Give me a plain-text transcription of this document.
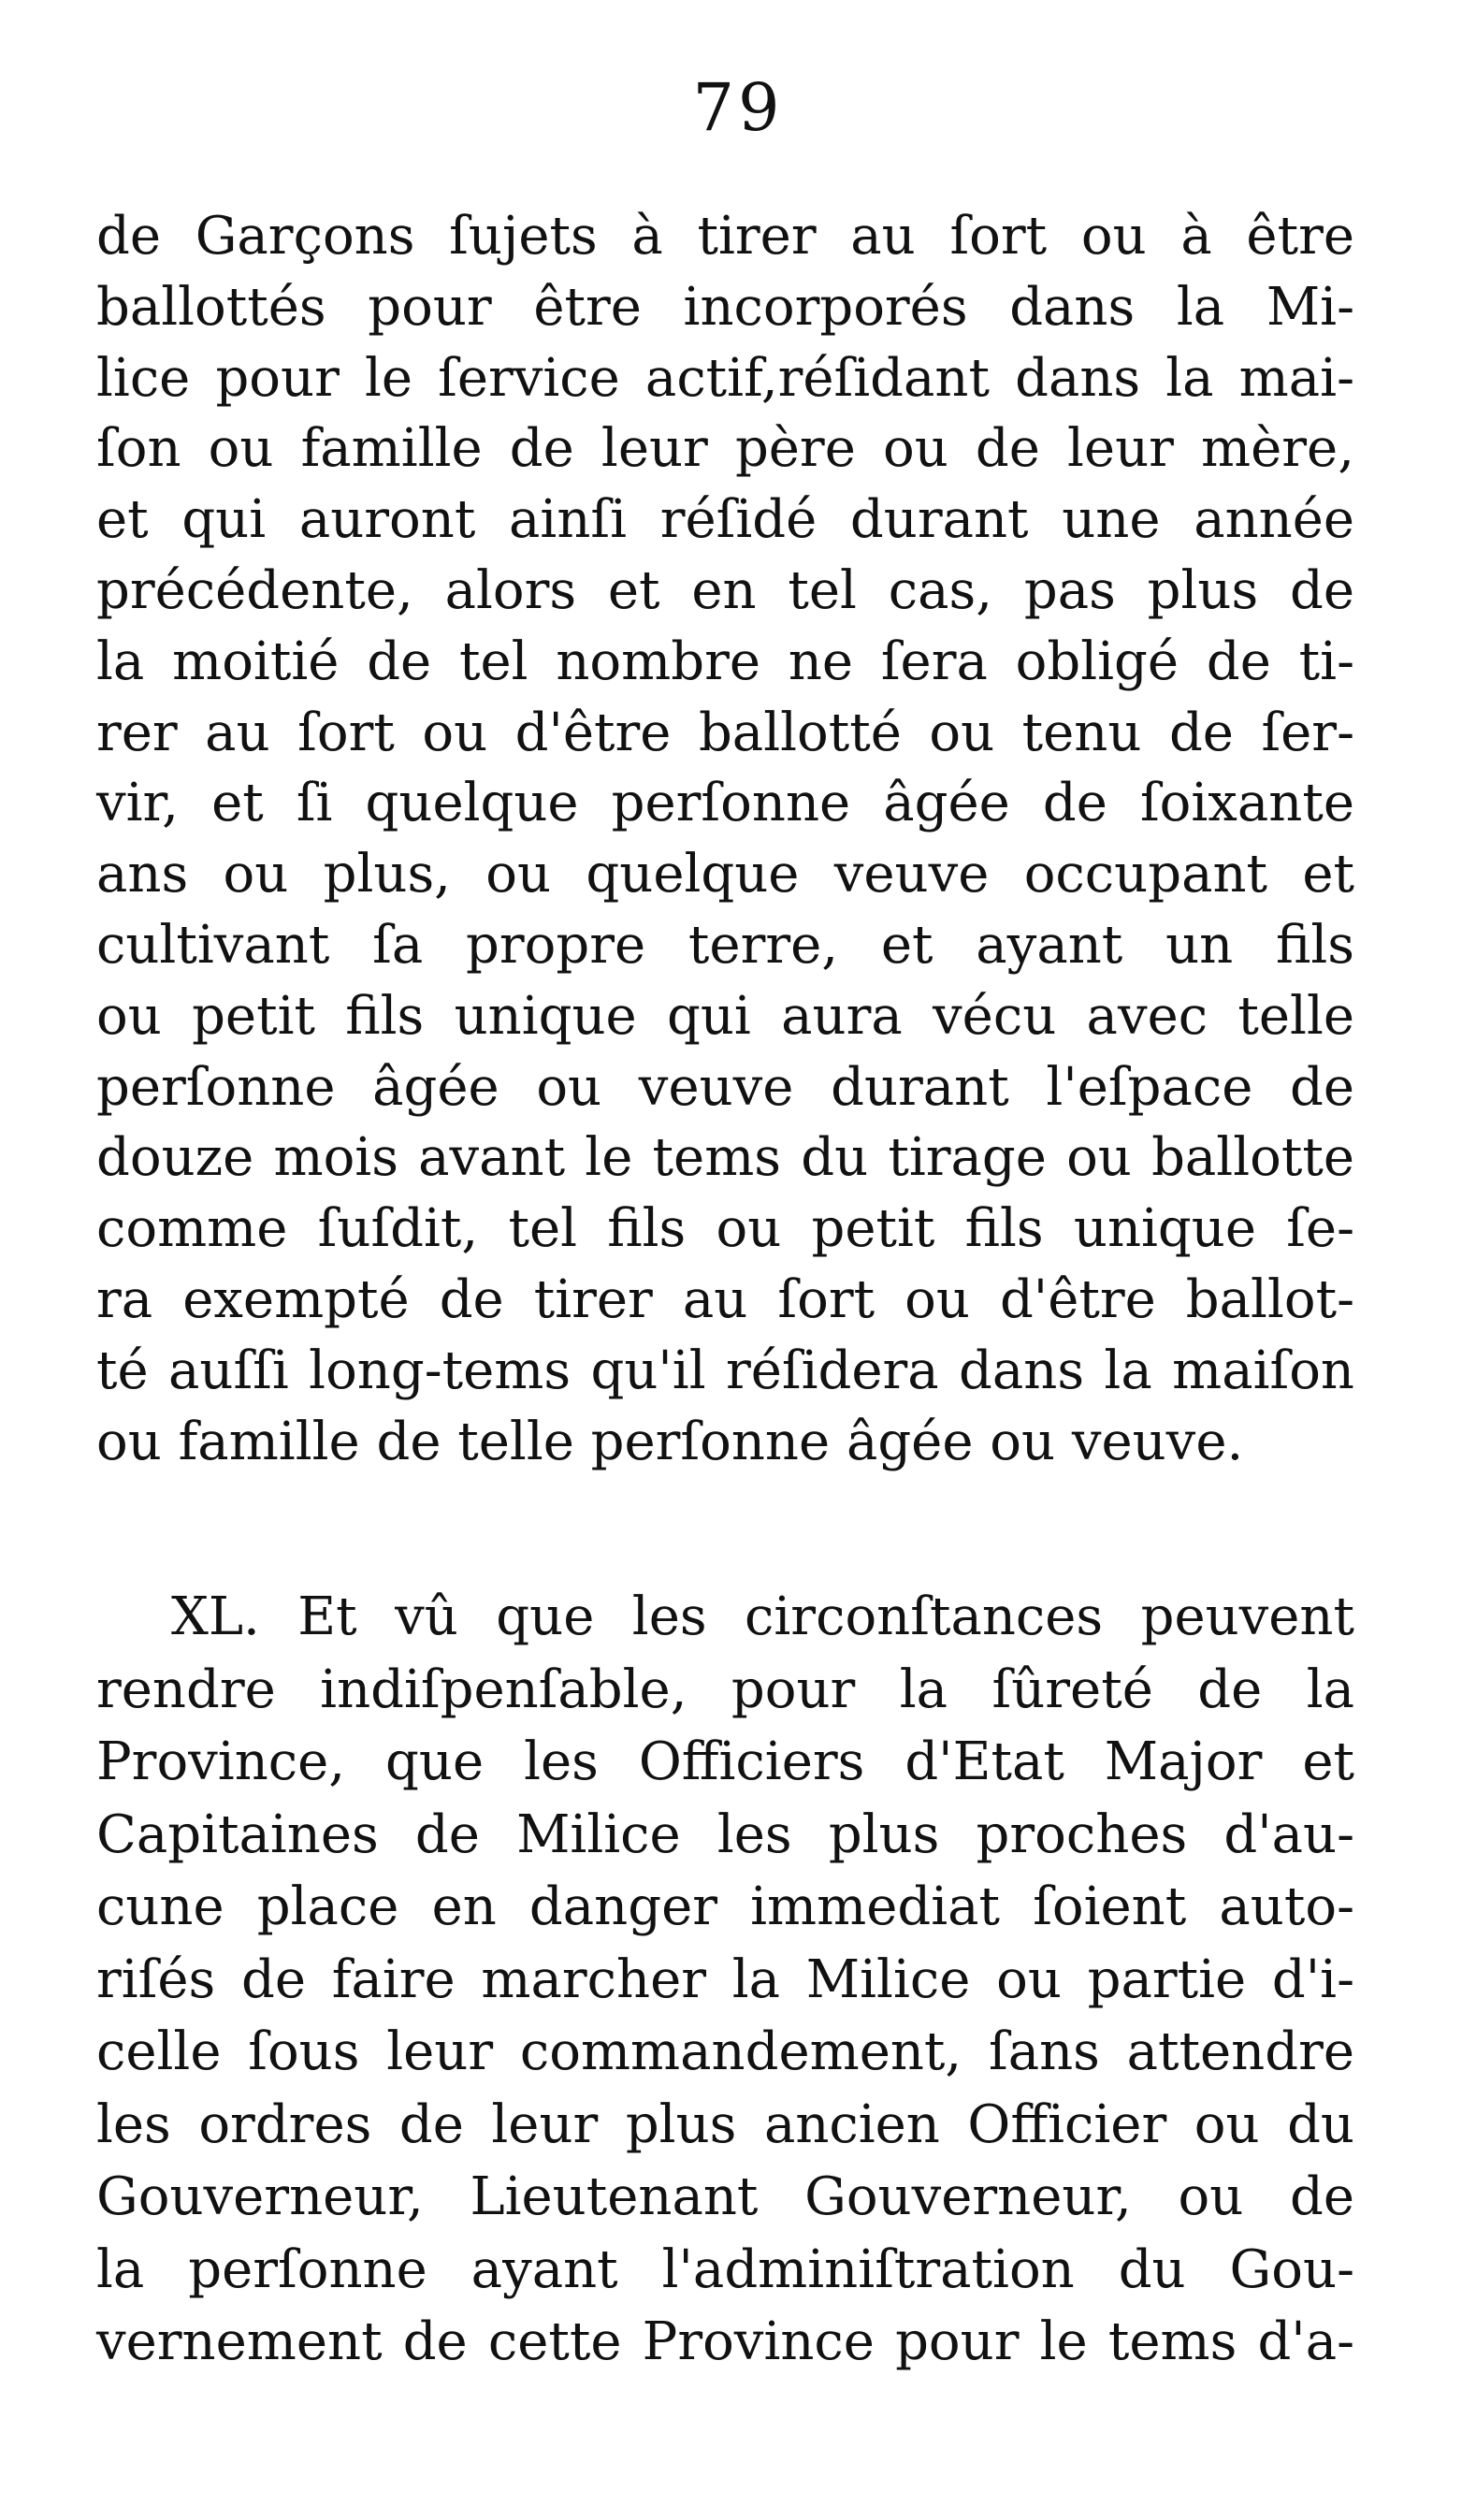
79
de Garçons ſujets à tirer au ſort ou à être
ballottés pour être incorporés dans la Mi-
lice pour le ſervice actif,réſidant dans la mai-
ſon ou famille de leur père ou de leur mère,
et qui auront ainſi réſidé durant une année
précédente, alors et en tel cas, pas plus de
la moitié de tel nombre ne ſera obligé de ti-
rer au ſort ou d'être ballotté ou tenu de ſer-
vir, et ſi quelque perſonne âgée de ſoixante
ans ou plus, ou quelque veuve occupant et
cultivant ſa propre terre, et ayant un fils
ou petit fils unique qui aura vécu avec telle
perſonne âgée ou veuve durant l'eſpace de
douze mois avant le tems du tirage ou ballotte
comme ſuſdit, tel fils ou petit fils unique ſe-
ra exempté de tirer au ſort ou d'être ballot-
té auſſi long-tems qu'il réſidera dans la maiſon
ou famille de telle perſonne âgée ou veuve.
XL. Et vû que les circonſtances peuvent
rendre indiſpenſable, pour la ſûreté de la
Province, que les Officiers d'Etat Major et
Capitaines de Milice les plus proches d'au-
cune place en danger immediat ſoient auto-
riſés de faire marcher la Milice ou partie d'i-
celle ſous leur commandement, ſans attendre
les ordres de leur plus ancien Officier ou du
Gouverneur, Lieutenant Gouverneur, ou de
la perſonne ayant l'adminiſtration du Gou-
vernement de cette Province pour le tems d'a-
